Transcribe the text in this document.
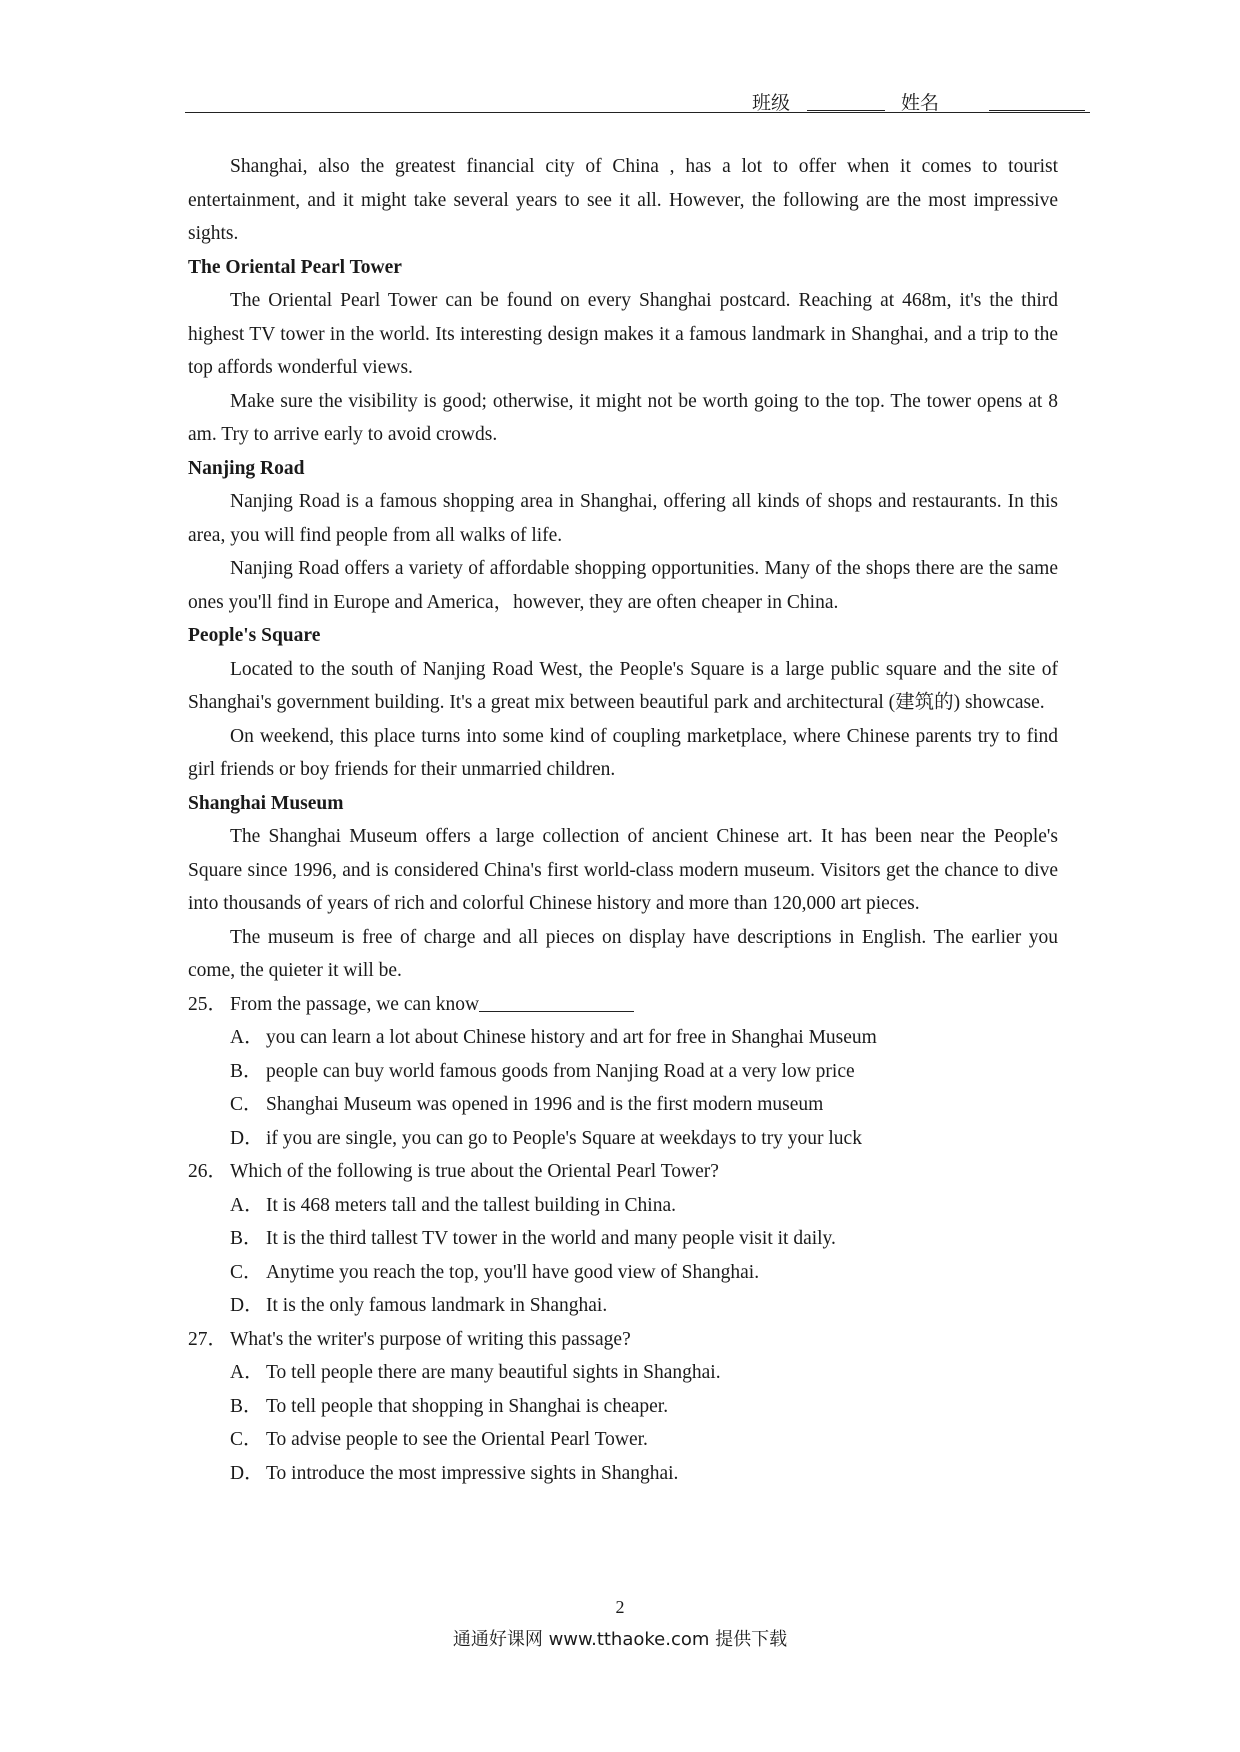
班级	姓名

Shanghai, also the greatest financial city of China , has a lot to offer when it comes to tourist entertainment, and it might take several years to see it all. However, the following are the most impressive sights.

The Oriental Pearl Tower

The Oriental Pearl Tower can be found on every Shanghai postcard. Reaching at 468m, it's the third highest TV tower in the world. Its interesting design makes it a famous landmark in Shanghai, and a trip to the top affords wonderful views.

Make sure the visibility is good; otherwise, it might not be worth going to the top. The tower opens at 8 am. Try to arrive early to avoid crowds.

Nanjing Road

Nanjing Road is a famous shopping area in Shanghai, offering all kinds of shops and restaurants. In this area, you will find people from all walks of life.

Nanjing Road offers a variety of affordable shopping opportunities. Many of the shops there are the same ones you'll find in Europe and America，however, they are often cheaper in China.

People's Square

Located to the south of Nanjing Road West, the People's Square is a large public square and the site of Shanghai's government building. It's a great mix between beautiful park and architectural (建筑的) showcase.

On weekend, this place turns into some kind of coupling marketplace, where Chinese parents try to find girl friends or boy friends for their unmarried children.

Shanghai Museum

The Shanghai Museum offers a large collection of ancient Chinese art. It has been near the People's Square since 1996, and is considered China's first world-class modern museum. Visitors get the chance to dive into thousands of years of rich and colorful Chinese history and more than 120,000 art pieces.

The museum is free of charge and all pieces on display have descriptions in English. The earlier you come, the quieter it will be.

25． From the passage, we can know

A． you can learn a lot about Chinese history and art for free in Shanghai Museum

B． people can buy world famous goods from Nanjing Road at a very low price

C． Shanghai Museum was opened in 1996 and is the first modern museum

D． if you are single, you can go to People's Square at weekdays to try your luck

26． Which of the following is true about the Oriental Pearl Tower?

A． It is 468 meters tall and the tallest building in China.

B． It is the third tallest TV tower in the world and many people visit it daily.

C． Anytime you reach the top, you'll have good view of Shanghai.

D． It is the only famous landmark in Shanghai.

27． What's the writer's purpose of writing this passage?

A． To tell people there are many beautiful sights in Shanghai.

B． To tell people that shopping in Shanghai is cheaper.

C． To advise people to see the Oriental Pearl Tower.

D． To introduce the most impressive sights in Shanghai.

2
通通好课网 www.tthaoke.com 提供下载
